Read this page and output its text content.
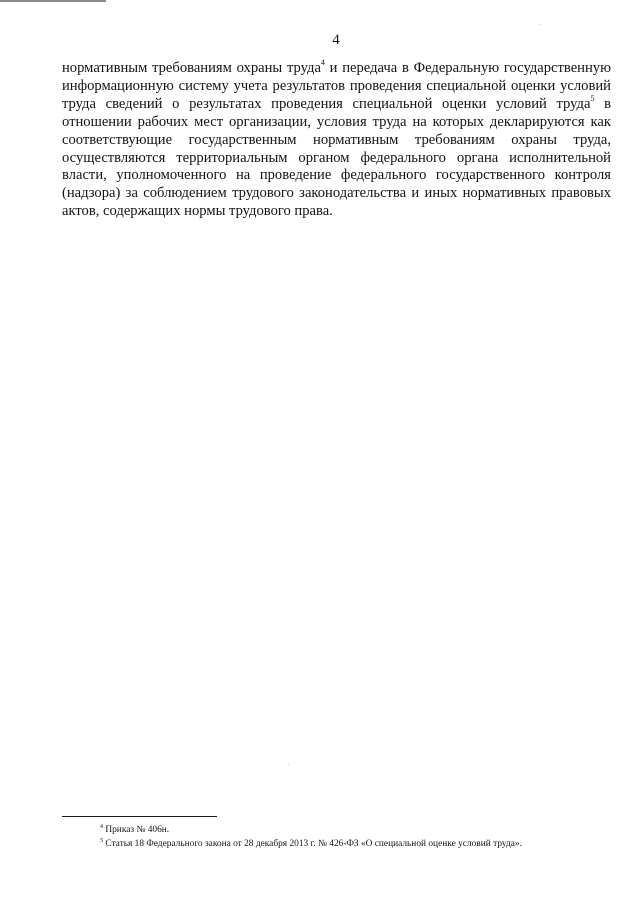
4

нормативным требованиям охраны труда$^4$ и передача в Федеральную государственную информационную систему учета результатов проведения специальной оценки условий труда сведений о результатах проведения специальной оценки условий труда$^5$ в отношении рабочих мест организации, условия труда на которых декларируются как соответствующие государственным нормативным требованиям охраны труда, осуществляются территориальным органом федерального органа исполнительной власти, уполномоченного на проведение федерального государственного контроля (надзора) за соблюдением трудового законодательства и иных нормативных правовых актов, содержащих нормы трудового права.

$^4$ Приказ № 406н.
$^5$ Статья 18 Федерального закона от 28 декабря 2013 г. № 426-ФЗ «О специальной оценке условий труда».
